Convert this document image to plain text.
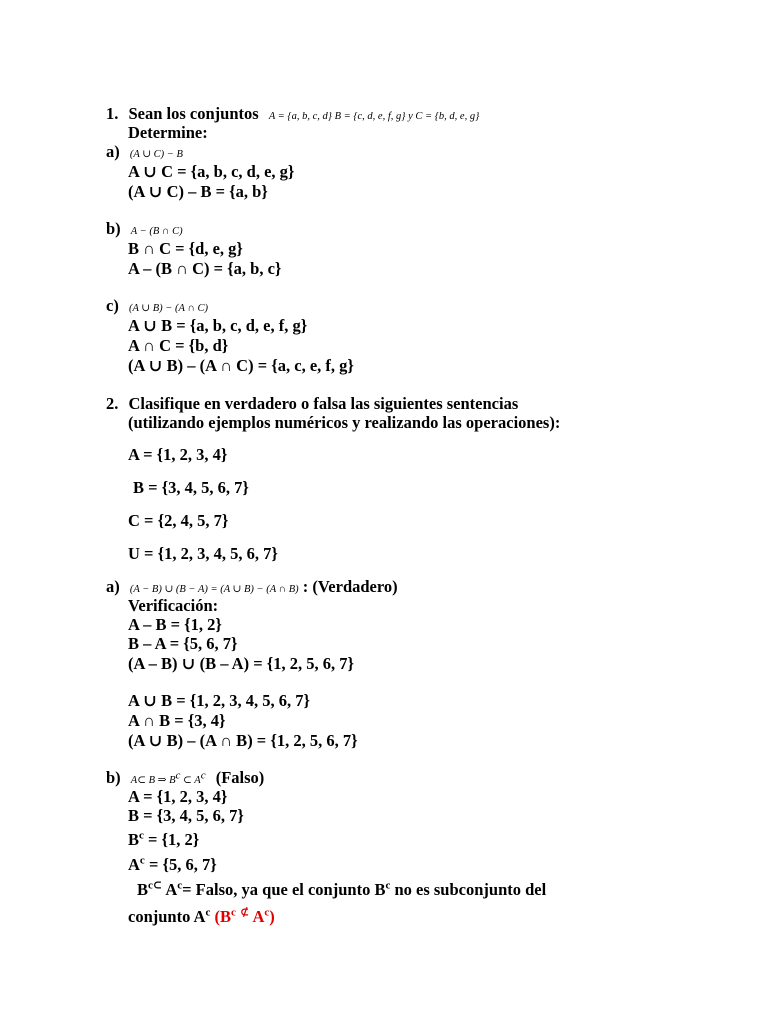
1. Sean los conjuntos A = {a, b, c, d} B = {c, d, e, f, g} y C = {b, d, e, g}
Determine:
a) (A ∪ C) − B
A ∪ C = {a, b, c, d, e, g}
(A ∪ C) – B = {a, b}
b) A − (B ∩ C)
B ∩ C = {d, e, g}
A – (B ∩ C) = {a, b, c}
c) (A ∪ B) − (A ∩ C)
A ∪ B = {a, b, c, d, e, f, g}
A ∩ C = {b, d}
(A ∪ B) – (A ∩ C) = {a, c, e, f, g}
2. Clasifique en verdadero o falsa las siguientes sentencias
(utilizando ejemplos numéricos y realizando las operaciones):
A = {1, 2, 3, 4}
B = {3, 4, 5, 6, 7}
C = {2, 4, 5, 7}
U = {1, 2, 3, 4, 5, 6, 7}
a) (A − B) ∪ (B − A) = (A ∪ B) − (A ∩ B) : (Verdadero)
Verificación:
A – B = {1, 2}
B – A = {5, 6, 7}
(A – B) ∪ (B – A) = {1, 2, 5, 6, 7}
A ∪ B = {1, 2, 3, 4, 5, 6, 7}
A ∩ B = {3, 4}
(A ∪ B) – (A ∩ B) = {1, 2, 5, 6, 7}
b) A⊂ B ⇒ $B^c$ ⊂ $A^c$ (Falso)
A = {1, 2, 3, 4}
B = {3, 4, 5, 6, 7}
$B^c = \{1$, 2}
$A^c = \{5$, 6, 7}
$B^{c\subset}$ $A^c=$ Falso, ya que el conjunto $B^c$ no es subconjunto del
conjunto $A^c$ ($B^c$ ⊄ $A^c$)
